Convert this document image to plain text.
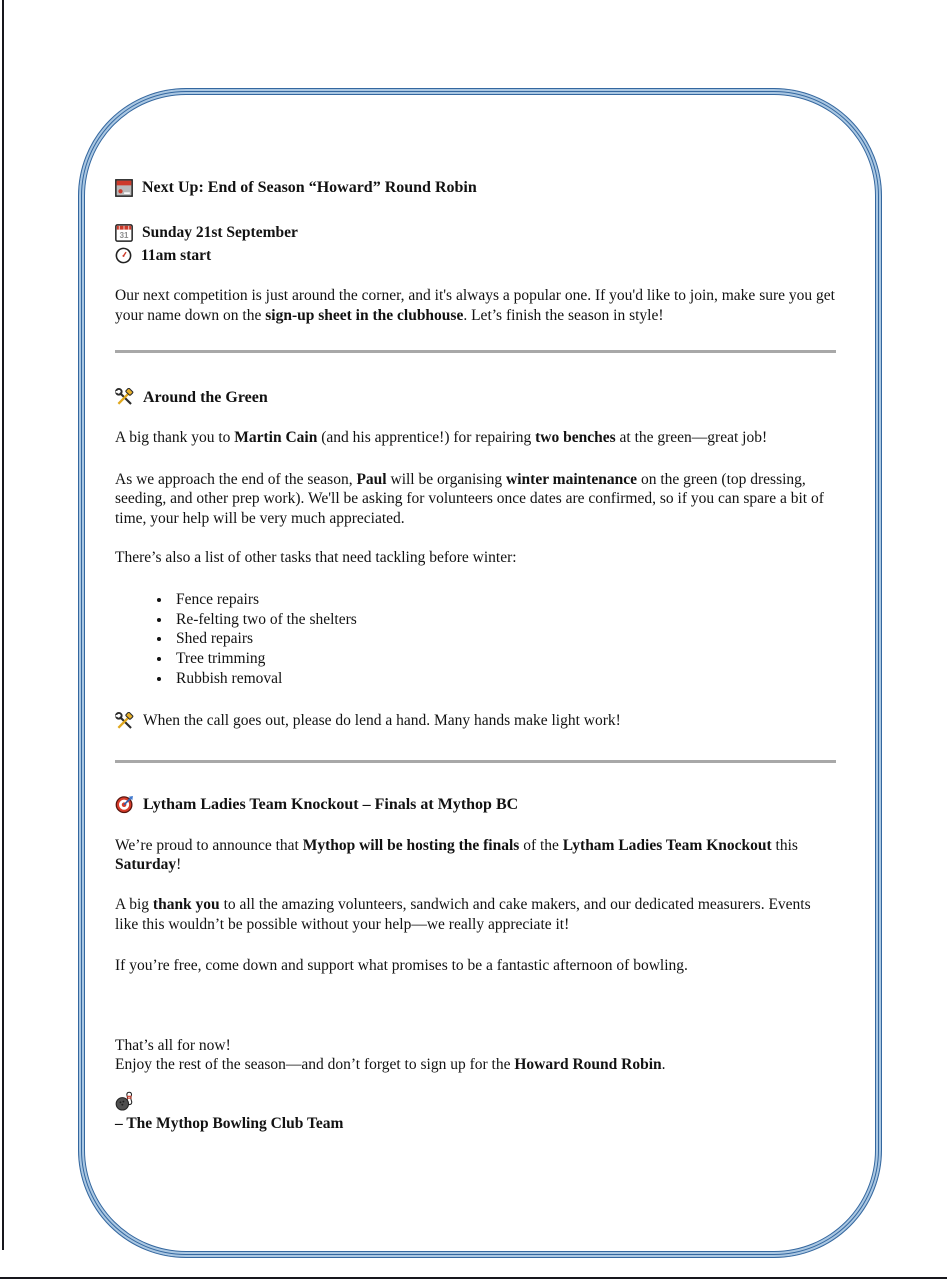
Next Up: End of Season “Howard” Round Robin
31 Sunday 21st September
11am start

Our next competition is just around the corner, and it's always a popular one. If you'd like to join, make sure you get your name down on the sign-up sheet in the clubhouse. Let’s finish the season in style!

Around the Green

A big thank you to Martin Cain (and his apprentice!) for repairing two benches at the green—great job!

As we approach the end of the season, Paul will be organising winter maintenance on the green (top dressing, seeding, and other prep work). We'll be asking for volunteers once dates are confirmed, so if you can spare a bit of time, your help will be very much appreciated.

There’s also a list of other tasks that need tackling before winter:

• Fence repairs
• Re-felting two of the shelters
• Shed repairs
• Tree trimming
• Rubbish removal
When the call goes out, please do lend a hand. Many hands make light work!
Lytham Ladies Team Knockout – Finals at Mythop BC

We’re proud to announce that Mythop will be hosting the finals of the Lytham Ladies Team Knockout this Saturday!

A big thank you to all the amazing volunteers, sandwich and cake makers, and our dedicated measurers. Events like this wouldn’t be possible without your help—we really appreciate it!

If you’re free, come down and support what promises to be a fantastic afternoon of bowling.

That’s all for now!
Enjoy the rest of the season—and don’t forget to sign up for the Howard Round Robin.

– The Mythop Bowling Club Team
